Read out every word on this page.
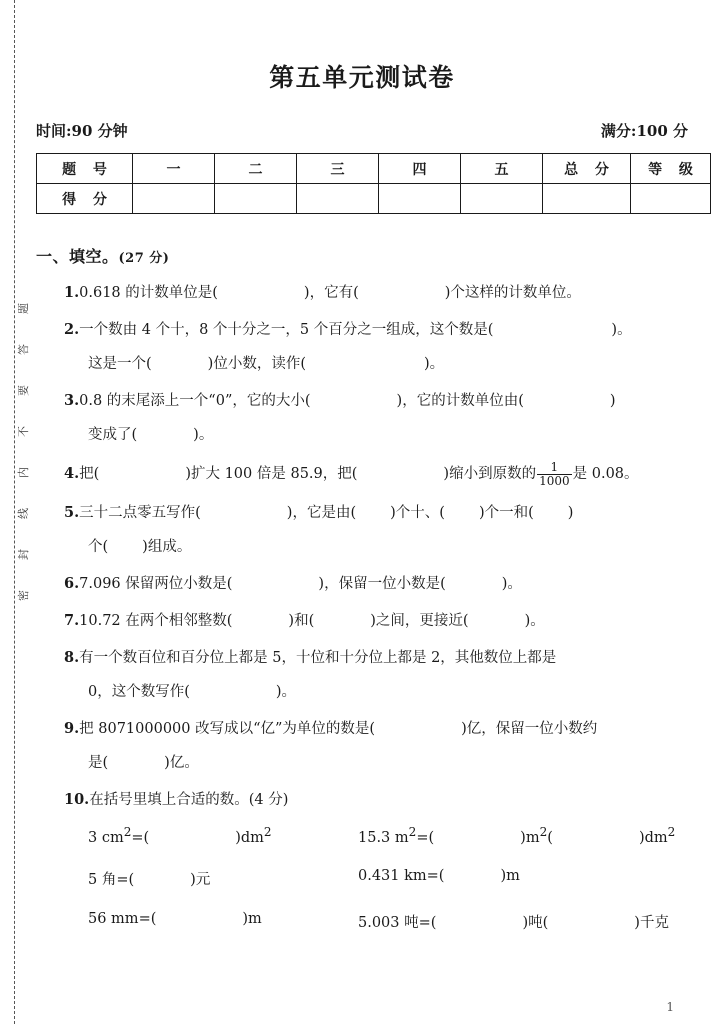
密封线内不要答题
第五单元测试卷
时间:90 分钟	满分:100 分
题 号	一	二	三	四	五	总 分	等 级
得 分							
一、填空。(27 分)
1.0.618 的计数单位是(	)，它有(	)个这样的计数单位。
2.一个数由 4 个十，8 个十分之一，5 个百分之一组成，这个数是(	)。
这是一个(	)位小数，读作(	)。
3.0.8 的末尾添上一个“0”，它的大小(	)，它的计数单位由(	)
变成了(	)。
4.把(	)扩大 100 倍是 85.9，把(	)缩小到原数的 $\frac{1}{1000}$ 是 0.08。
5.三十二点零五写作(	)，它是由( )个十、( )个一和( )
个( )组成。
6.7.096 保留两位小数是(	)，保留一位小数是(	)。
7.10.72 在两个相邻整数(	)和(	)之间，更接近(	)。
8.有一个数百位和百分位上都是 5，十位和十分位上都是 2，其他数位上都是
0，这个数写作(	)。
9.把 8071000000 改写成以“亿”为单位的数是(	)亿，保留一位小数约
是(	)亿。
10.在括号里填上合适的数。(4 分)
3 $cm^2=$(	)$dm^2$	15.3 $m^2=$(	)$m^2$(	)$dm^2$
5 角=(	)元	0.431 km=(	)m
56 mm=(	)m	5.003 吨=(	)吨(	)千克
1
